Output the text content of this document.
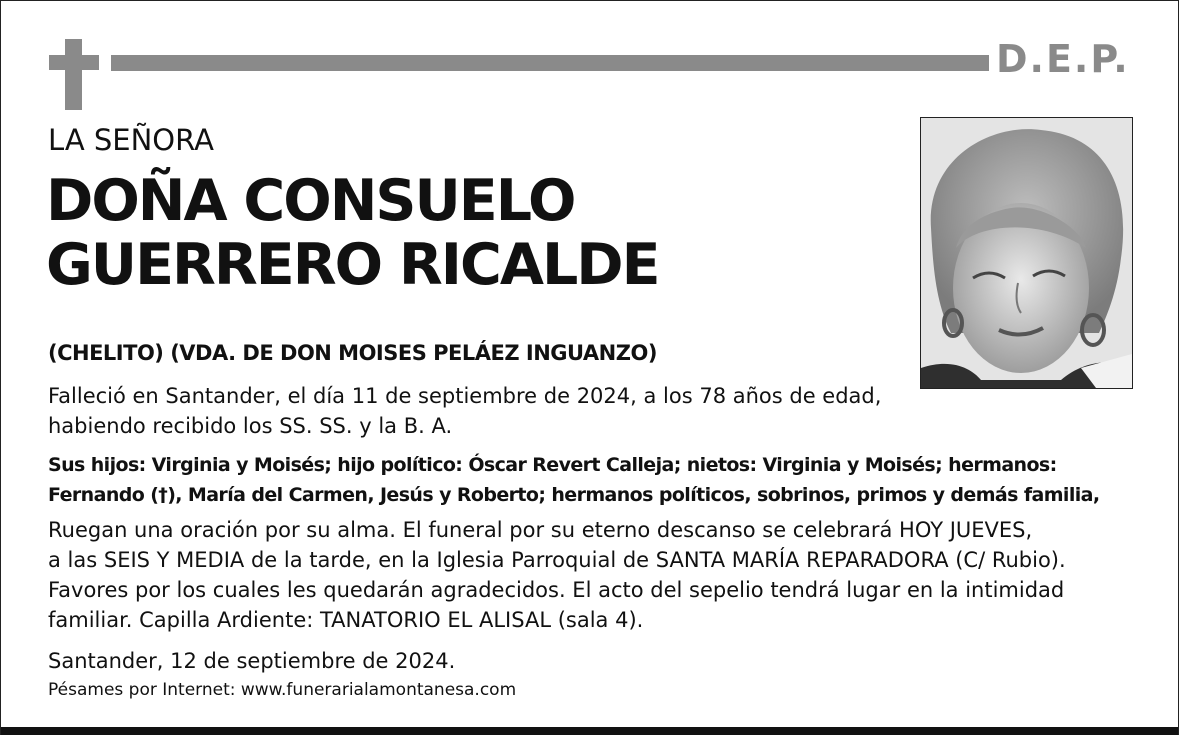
D.E.P.
LA SEÑORA
DOÑA CONSUELO
GUERRERO RICALDE
(CHELITO) (VDA. DE DON MOISES PELÁEZ INGUANZO)
Falleció en Santander, el día 11 de septiembre de 2024, a los 78 años de edad,
habiendo recibido los SS. SS. y la B. A.
Sus hijos: Virginia y Moisés; hijo político: Óscar Revert Calleja; nietos: Virginia y Moisés; hermanos:
Fernando (†), María del Carmen, Jesús y Roberto; hermanos políticos, sobrinos, primos y demás familia,
Ruegan una oración por su alma. El funeral por su eterno descanso se celebrará HOY JUEVES,
a las SEIS Y MEDIA de la tarde, en la Iglesia Parroquial de SANTA MARÍA REPARADORA (C/ Rubio).
Favores por los cuales les quedarán agradecidos. El acto del sepelio tendrá lugar en la intimidad
familiar. Capilla Ardiente: TANATORIO EL ALISAL (sala 4).
Santander, 12 de septiembre de 2024.
Pésames por Internet: www.funerarialamontanesa.com
